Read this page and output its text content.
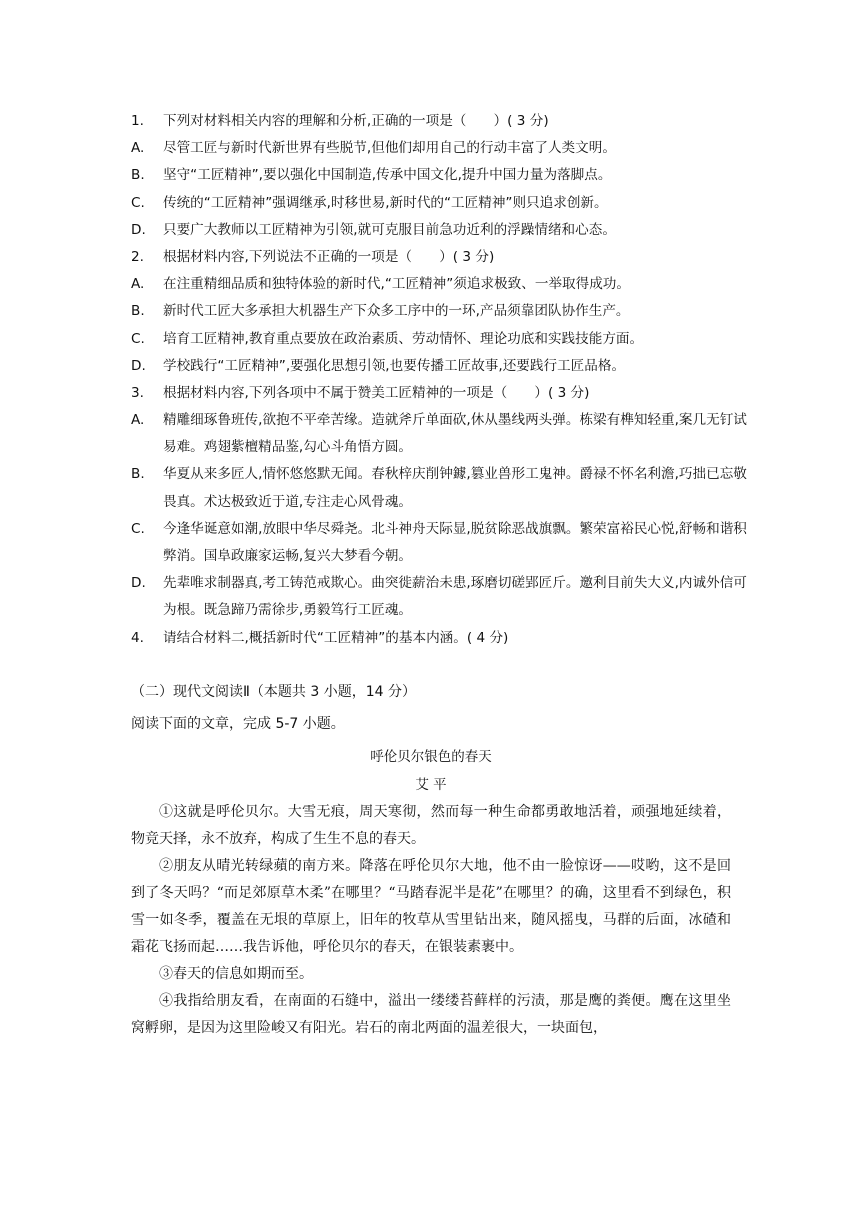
1.	下列对材料相关内容的理解和分析,正确的一项是（　　）( 3 分)
A.	尽管工匠与新时代新世界有些脱节,但他们却用自己的行动丰富了人类文明。
B.	坚守“工匠精神”,要以强化中国制造,传承中国文化,提升中国力量为落脚点。
C.	传统的“工匠精神”强调继承,时移世易,新时代的“工匠精神”则只追求创新。
D.	只要广大教师以工匠精神为引领,就可克服目前急功近利的浮躁情绪和心态。
2.	根据材料内容,下列说法不正确的一项是（　　）( 3 分)
A.	在注重精细品质和独特体验的新时代,“工匠精神”须追求极致、一举取得成功。
B.	新时代工匠大多承担大机器生产下众多工序中的一环,产品须靠团队协作生产。
C.	培育工匠精神,教育重点要放在政治素质、劳动情怀、理论功底和实践技能方面。
D.	学校践行“工匠精神”,要强化思想引领,也要传播工匠故事,还要践行工匠品格。
3.	根据材料内容,下列各项中不属于赞美工匠精神的一项是（　　）( 3 分)
A.	精雕细琢鲁班传,欲抱不平牵苦缘。造就斧斤单面砍,休从墨线两头弹。栋梁有榫知轻重,案几无钉试易难。鸡翅紫檀精品鉴,勾心斗角悟方圆。
B.	华夏从来多匠人,情怀悠悠默无闻。春秋梓庆削钟鐻,篡业兽形工鬼神。爵禄不怀名利澹,巧拙已忘敬畏真。术达极致近于道,专注走心风骨魂。
C.	今逢华诞意如潮,放眼中华尽舜尧。北斗神舟天际显,脱贫除恶战旗飘。繁荣富裕民心悦,舒畅和谐积弊消。国阜政廉家运畅,复兴大梦看今朝。
D.	先辈唯求制器真,考工铸范戒欺心。曲突徙薪治未患,琢磨切磋郢匠斤。邀利目前失大义,内诚外信可为根。既急蹄乃需徐步,勇毅笃行工匠魂。
4.	请结合材料二,概括新时代“工匠精神”的基本内涵。( 4 分)
（二）现代文阅读Ⅱ（本题共 3 小题，14 分）
阅读下面的文章，完成 5-7 小题。
呼伦贝尔银色的春天
艾 平

①这就是呼伦贝尔。大雪无痕，周天寒彻，然而每一种生命都勇敢地活着，顽强地延续着，物竞天择，永不放弃，构成了生生不息的春天。

②朋友从晴光转绿蘋的南方来。降落在呼伦贝尔大地，他不由一脸惊讶——哎哟，这不是回到了冬天吗？“而足郊原草木柔”在哪里？“马踏春泥半是花”在哪里？的确，这里看不到绿色，积雪一如冬季，覆盖在无垠的草原上，旧年的牧草从雪里钻出来，随风摇曳，马群的后面，冰碴和霜花飞扬而起……我告诉他，呼伦贝尔的春天，在银装素裹中。

③春天的信息如期而至。

④我指给朋友看，在南面的石缝中，溢出一缕缕苔藓样的污渍，那是鹰的粪便。鹰在这里坐窝孵卵，是因为这里险峻又有阳光。岩石的南北两面的温差很大，一块面包，
